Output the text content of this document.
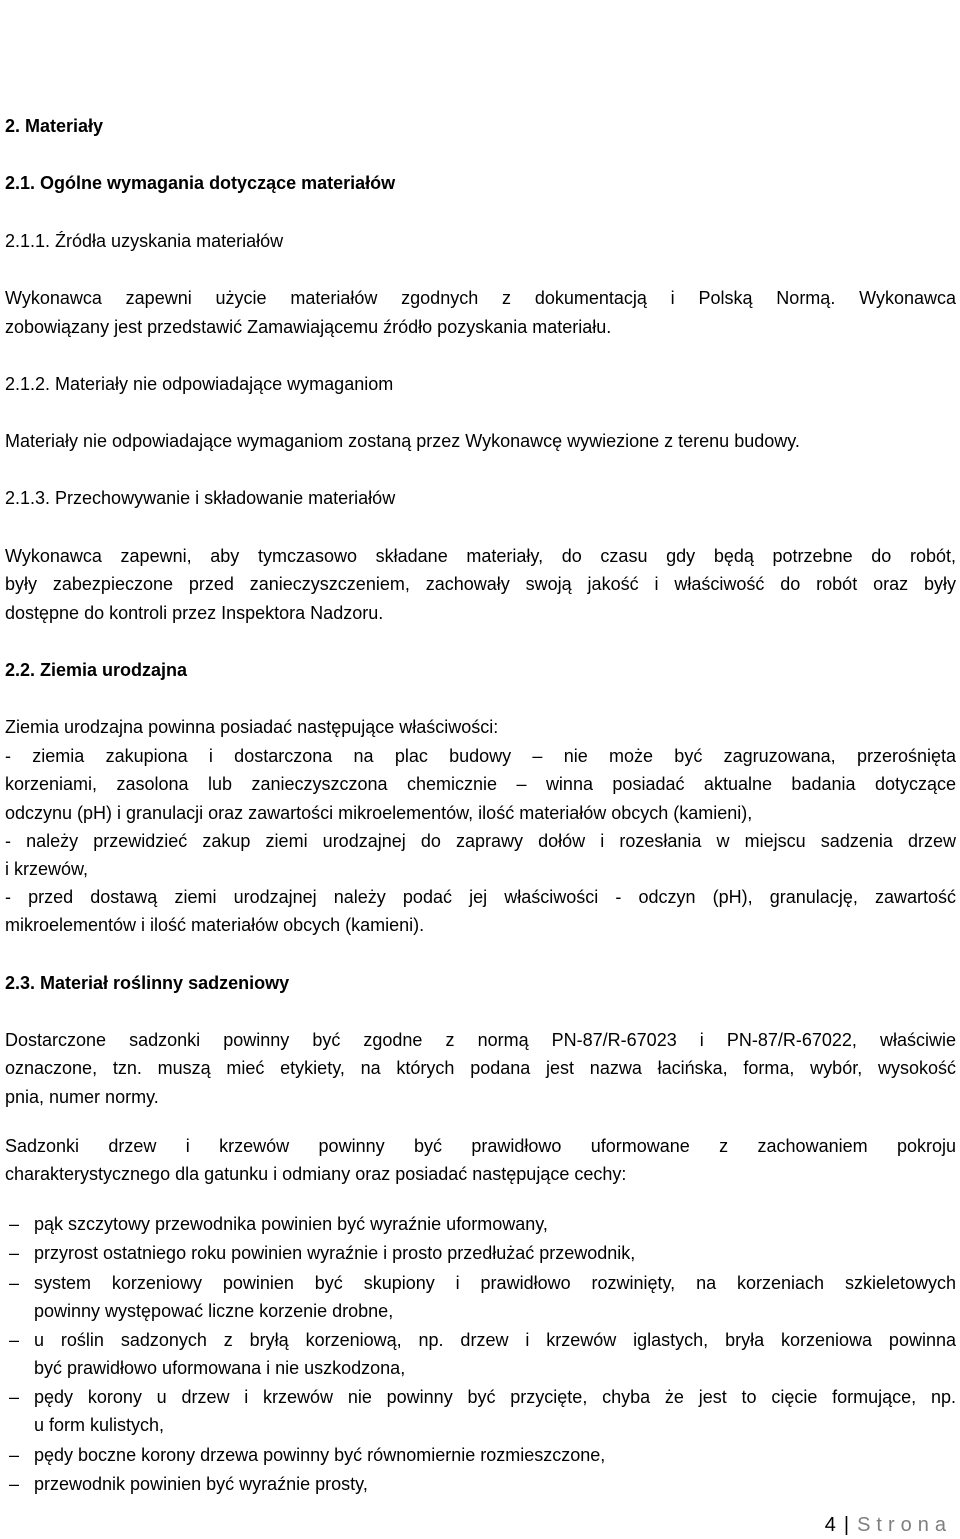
Szczegółowy projekt zieleni – nasadzeń zastępczych na zadaniu „Przebudowa ulic i placów osiedla
Parkowe w Mrągowie”
StylOut – Aleksandra Brodziak
2. Materiały
2.1. Ogólne wymagania dotyczące materiałów
2.1.1. Źródła uzyskania materiałów
Wykonawca zapewni użycie materiałów zgodnych z dokumentacją i Polską Normą. Wykonawca
zobowiązany jest przedstawić Zamawiającemu źródło pozyskania materiału.
2.1.2. Materiały nie odpowiadające wymaganiom
Materiały nie odpowiadające wymaganiom zostaną przez Wykonawcę wywiezione z terenu budowy.
2.1.3. Przechowywanie i składowanie materiałów
Wykonawca zapewni, aby tymczasowo składane materiały, do czasu gdy będą potrzebne do robót,
były zabezpieczone przed zanieczyszczeniem, zachowały swoją jakość i właściwość do robót oraz były
dostępne do kontroli przez Inspektora Nadzoru.
2.2. Ziemia urodzajna
Ziemia urodzajna powinna posiadać następujące właściwości:
- ziemia zakupiona i dostarczona na plac budowy – nie może być zagruzowana, przerośnięta
korzeniami, zasolona lub zanieczyszczona chemicznie – winna posiadać aktualne badania dotyczące
odczynu (pH) i granulacji oraz zawartości mikroelementów, ilość materiałów obcych (kamieni),
- należy przewidzieć zakup ziemi urodzajnej do zaprawy dołów i rozesłania w miejscu sadzenia drzew
i krzewów,
- przed dostawą ziemi urodzajnej należy podać jej właściwości - odczyn (pH), granulację, zawartość
mikroelementów i ilość materiałów obcych (kamieni).
2.3. Materiał roślinny sadzeniowy
Dostarczone sadzonki powinny być zgodne z normą PN-87/R-67023 i PN-87/R-67022, właściwie
oznaczone, tzn. muszą mieć etykiety, na których podana jest nazwa łacińska, forma, wybór, wysokość
pnia, numer normy.
Sadzonki drzew i krzewów powinny być prawidłowo uformowane z zachowaniem pokroju
charakterystycznego dla gatunku i odmiany oraz posiadać następujące cechy:
– pąk szczytowy przewodnika powinien być wyraźnie uformowany,
– przyrost ostatniego roku powinien wyraźnie i prosto przedłużać przewodnik,
– system korzeniowy powinien być skupiony i prawidłowo rozwinięty, na korzeniach szkieletowych
powinny występować liczne korzenie drobne,
– u roślin sadzonych z bryłą korzeniową, np. drzew i krzewów iglastych, bryła korzeniowa powinna
być prawidłowo uformowana i nie uszkodzona,
– pędy korony u drzew i krzewów nie powinny być przycięte, chyba że jest to cięcie formujące, np.
u form kulistych,
– pędy boczne korony drzewa powinny być równomiernie rozmieszczone,
– przewodnik powinien być wyraźnie prosty,
4 | Strona
